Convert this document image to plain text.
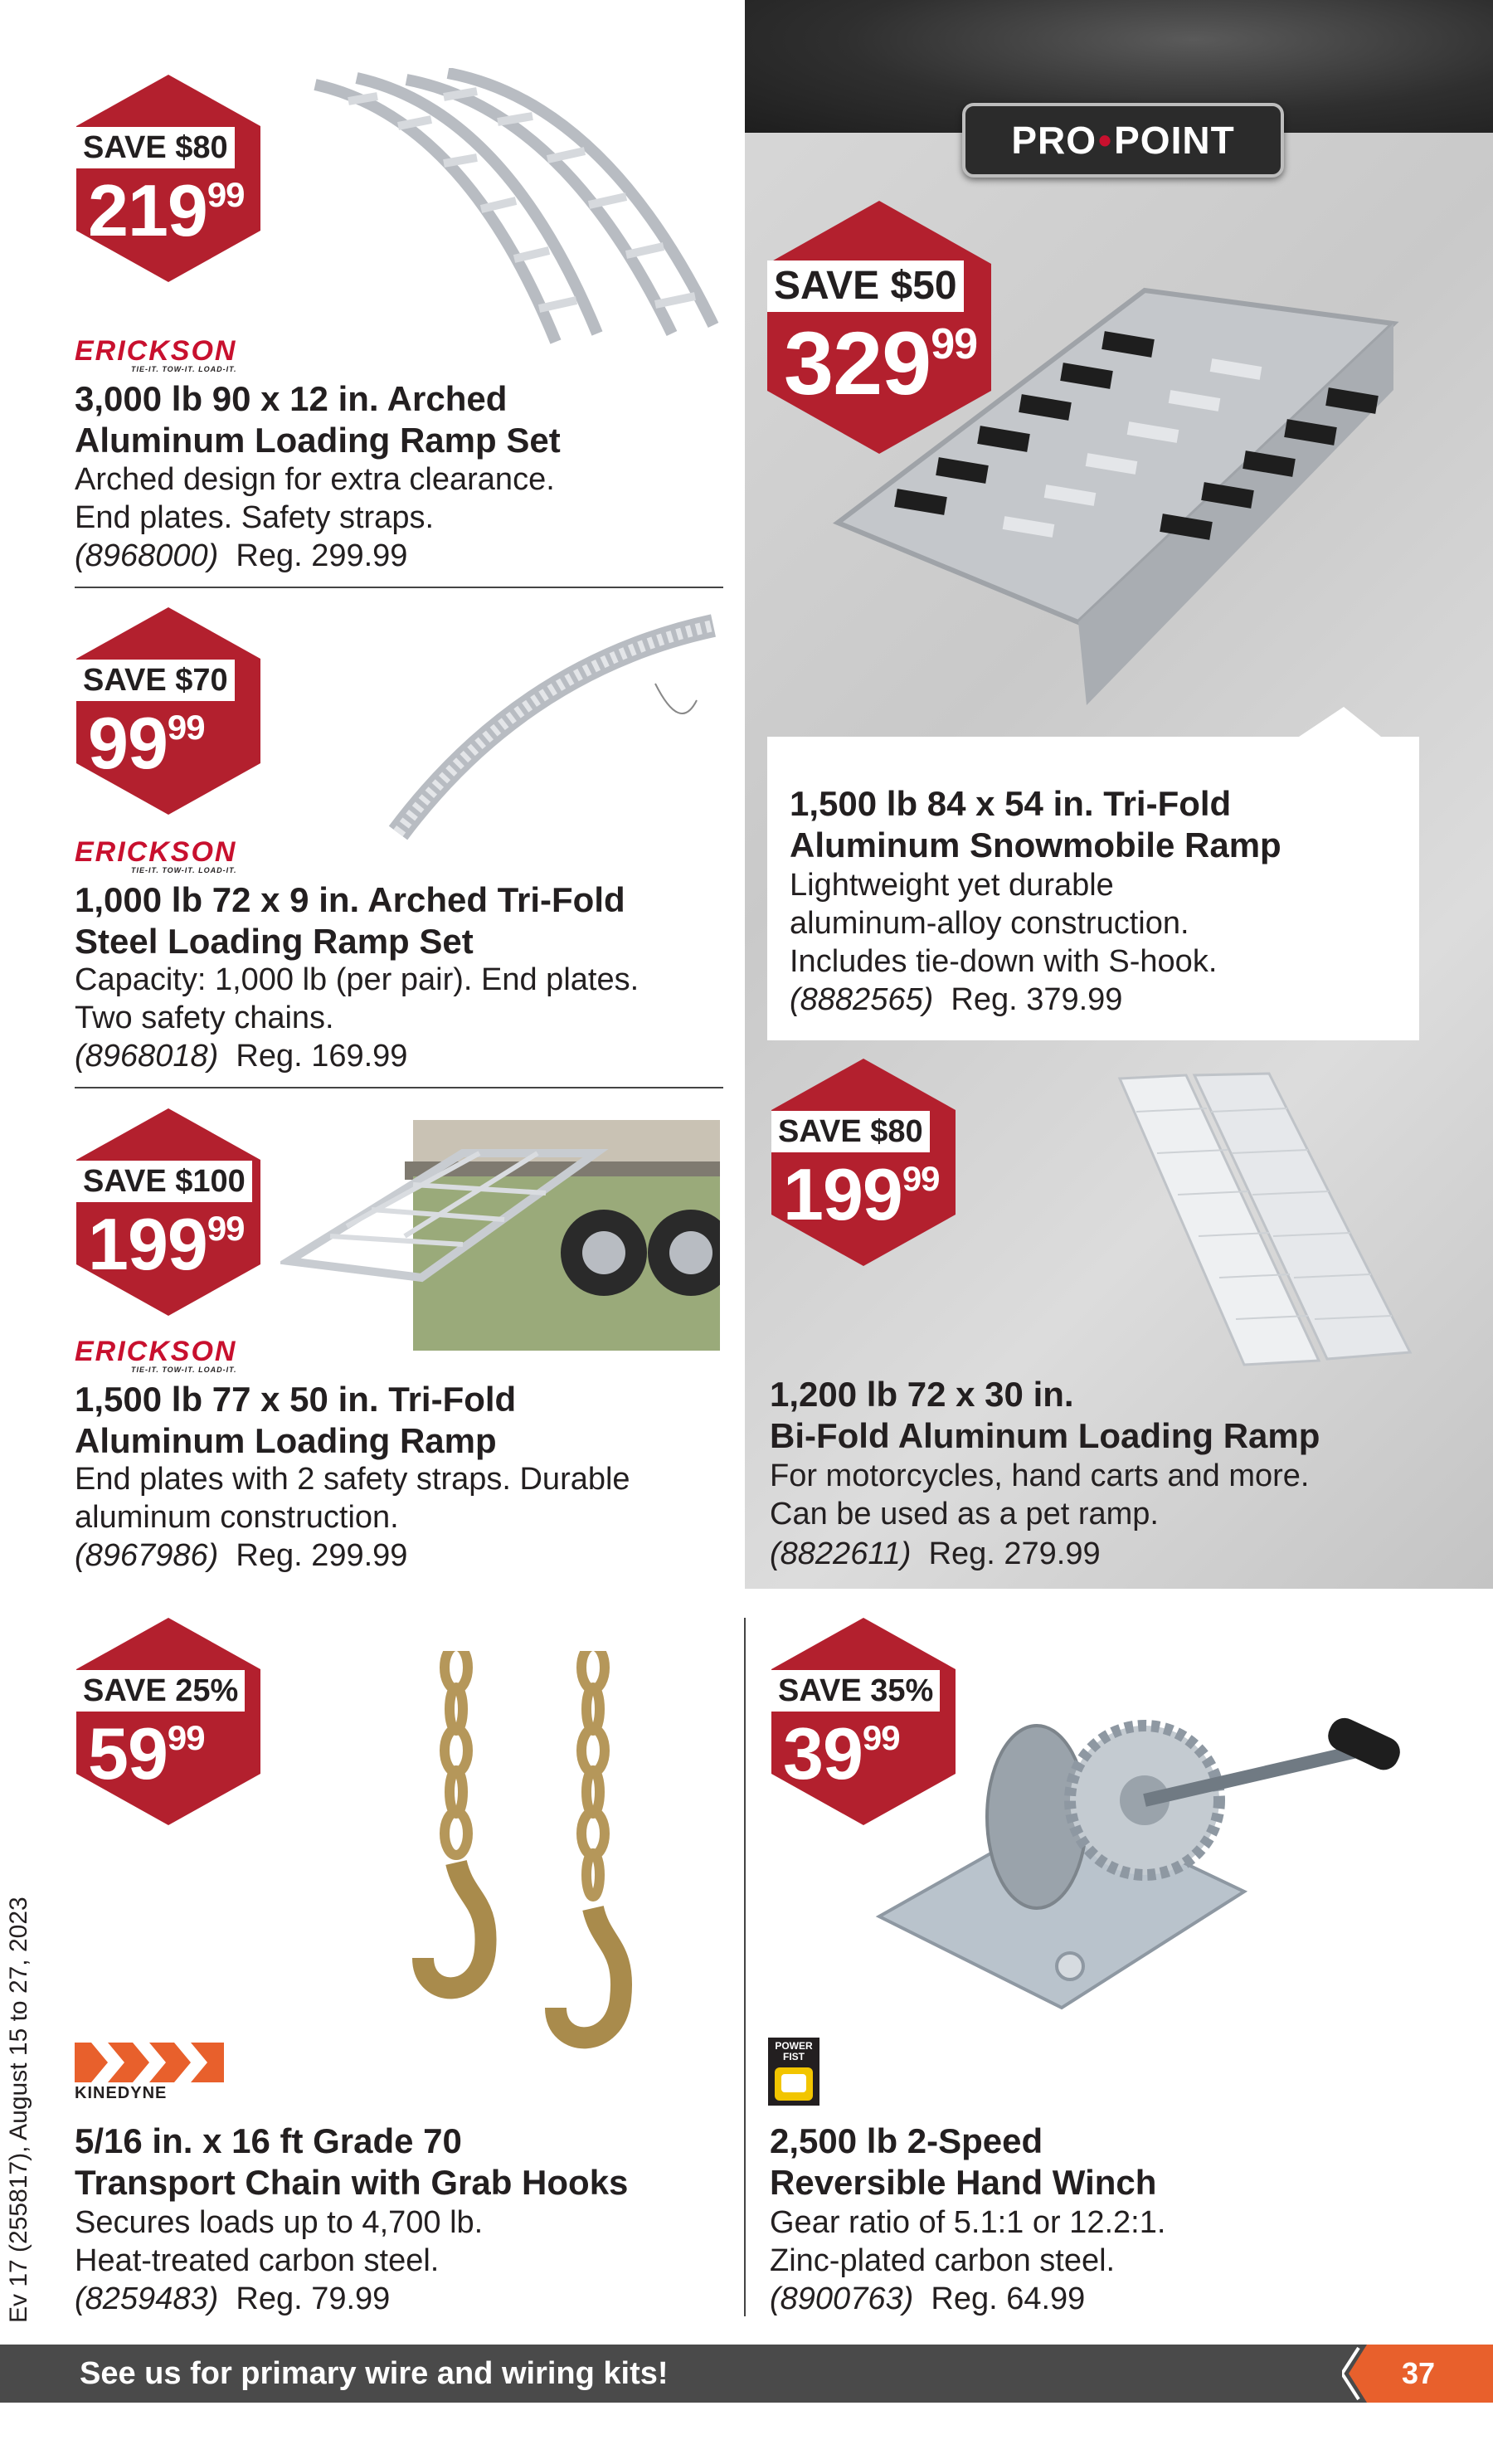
PRO • POINT
SAVE $80
$219^{99}$
ERICKSON
TIE-IT. TOW-IT. LOAD-IT.
3,000 lb 90 x 12 in. Arched
Aluminum Loading Ramp Set
Arched design for extra clearance.
End plates. Safety straps.
(8968000) Reg. 299.99
SAVE $70
$99^{99}$
ERICKSON
TIE-IT. TOW-IT. LOAD-IT.
1,000 lb 72 x 9 in. Arched Tri-Fold
Steel Loading Ramp Set
Capacity: 1,000 lb (per pair). End plates.
Two safety chains.
(8968018) Reg. 169.99
SAVE $100
$199^{99}$
ERICKSON
TIE-IT. TOW-IT. LOAD-IT.
1,500 lb 77 x 50 in. Tri-Fold
Aluminum Loading Ramp
End plates with 2 safety straps. Durable
aluminum construction.
(8967986) Reg. 299.99
SAVE $50
$329^{99}$
1,500 lb 84 x 54 in. Tri-Fold
Aluminum Snowmobile Ramp
Lightweight yet durable
aluminum-alloy construction.
Includes tie-down with S-hook.
(8882565) Reg. 379.99
SAVE $80
$199^{99}$
1,200 lb 72 x 30 in.
Bi-Fold Aluminum Loading Ramp
For motorcycles, hand carts and more.
Can be used as a pet ramp.
(8822611) Reg. 279.99
SAVE 25%
$59^{99}$
KINEDYNE
5/16 in. x 16 ft Grade 70
Transport Chain with Grab Hooks
Secures loads up to 4,700 lb.
Heat-treated carbon steel.
(8259483) Reg. 79.99
SAVE 35%
$39^{99}$
POWER FIST
2,500 lb 2-Speed
Reversible Hand Winch
Gear ratio of 5.1:1 or 12.2:1.
Zinc-plated carbon steel.
(8900763) Reg. 64.99
Ev 17 (255817), August 15 to 27, 2023
See us for primary wire and wiring kits!	37
